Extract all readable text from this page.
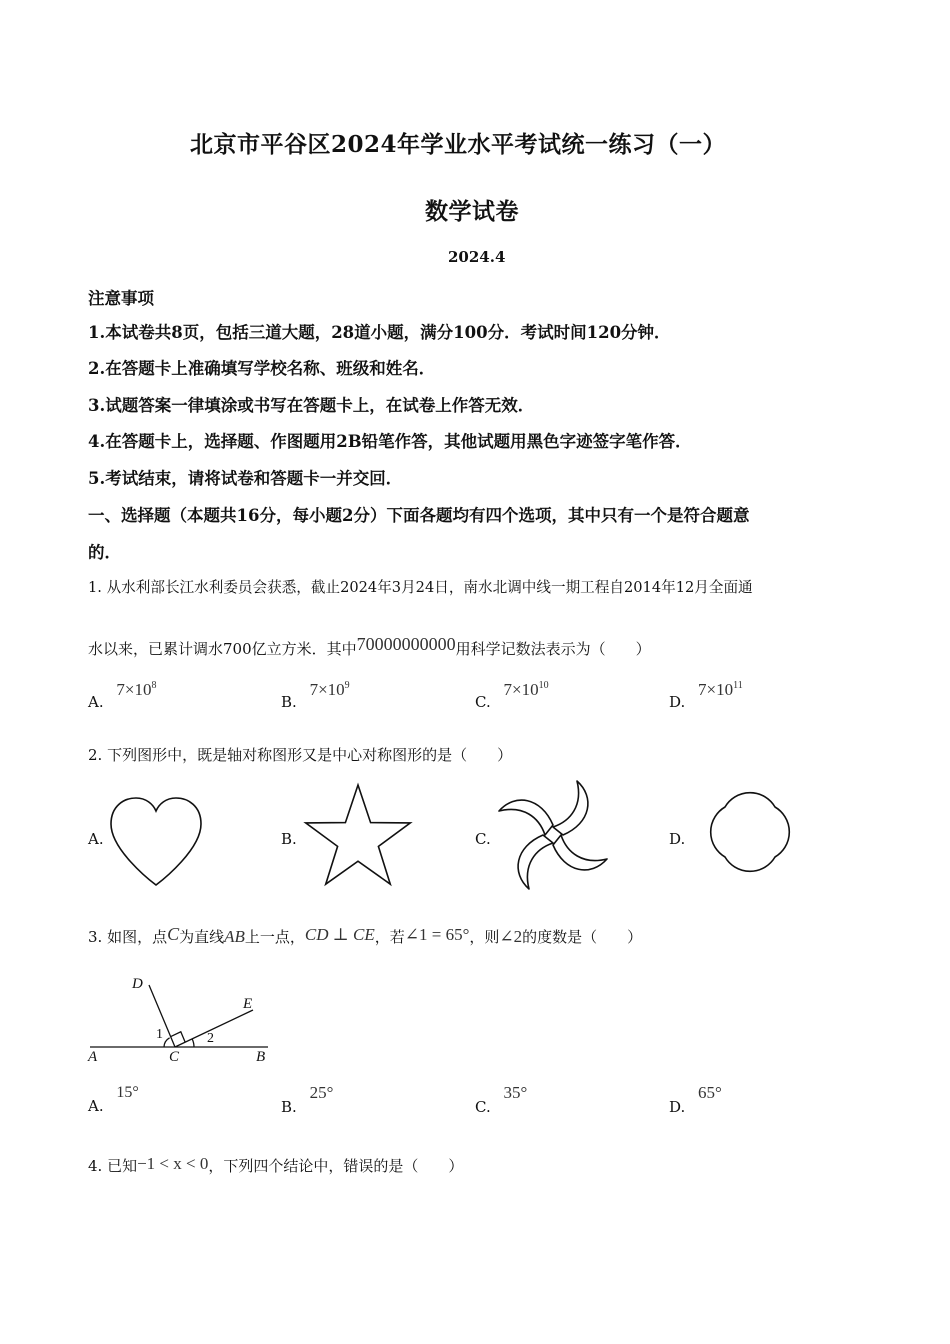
北京市平谷区2024年学业水平考试统一练习（一）
数学试卷
2024.4
注意事项
1.本试卷共8页，包括三道大题，28道小题，满分100分．考试时间120分钟．
2.在答题卡上准确填写学校名称、班级和姓名．
3.试题答案一律填涂或书写在答题卡上，在试卷上作答无效．
4.在答题卡上，选择题、作图题用2B铅笔作答，其他试题用黑色字迹签字笔作答．
5.考试结束，请将试卷和答题卡一并交回．
一、选择题（本题共16分，每小题2分）下面各题均有四个选项，其中只有一个是符合题意
的．
1. 从水利部长江水利委员会获悉，截止2024年3月24日，南水北调中线一期工程自2014年12月全面通
水以来，已累计调水700亿立方米．其中70000000000用科学记数法表示为（　　）
A. $7\times 10^8$
B. $7\times 10^9$
C. $7\times 10^{10}$
D. $7\times 10^{11}$
2. 下列图形中，既是轴对称图形又是中心对称图形的是（　　）
A.	B.	C.	D.
3. 如图，点C为直线AB上一点，CD ⊥ CE，若∠1 = 65°，则∠2的度数是（　　）
D
E
1	2
A	C	B
A. 15°
B. 25°
C. 35°
D. 65°
4. 已知−1 < x < 0，下列四个结论中，错误的是（　　）
